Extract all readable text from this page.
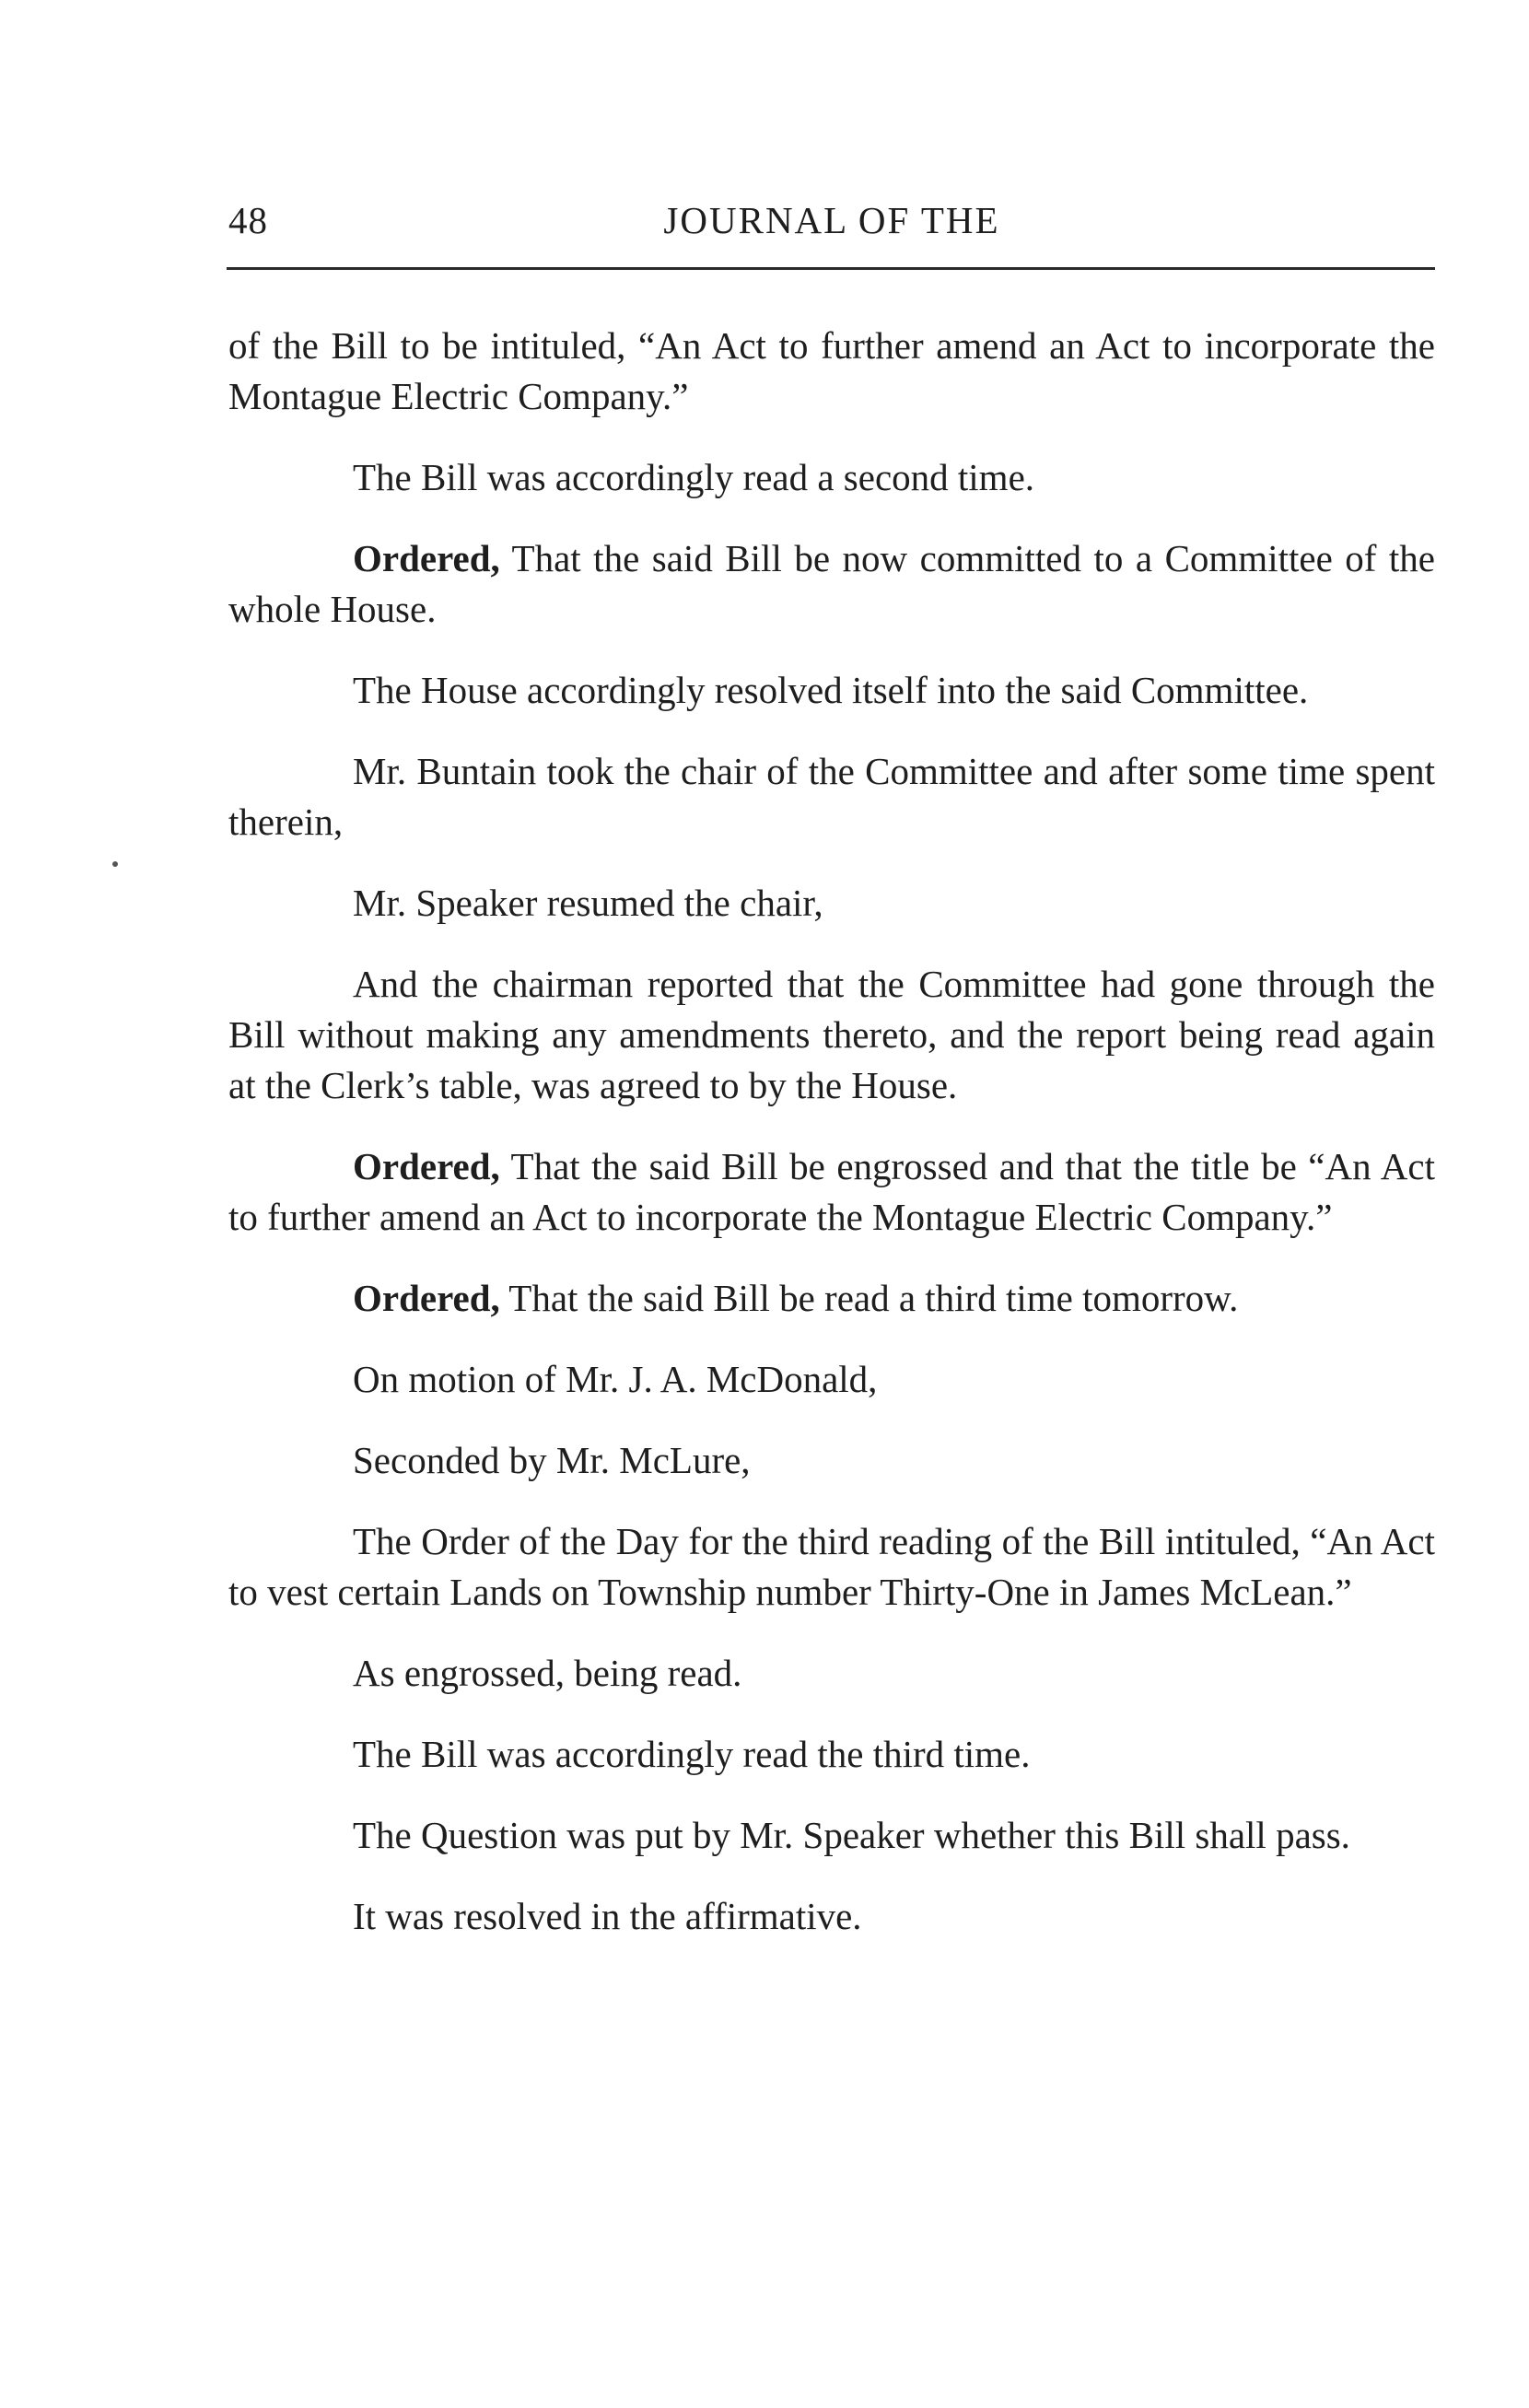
48	JOURNAL OF THE

of the Bill to be intituled, “An Act to further amend an Act to incorporate the Montague Electric Company.”

The Bill was accordingly read a second time.

Ordered, That the said Bill be now committed to a Committee of the whole House.

The House accordingly resolved itself into the said Committee.

Mr. Buntain took the chair of the Committee and after some time spent therein,

Mr. Speaker resumed the chair,

And the chairman reported that the Committee had gone through the Bill without making any amendments thereto, and the report being read again at the Clerk’s table, was agreed to by the House.

Ordered, That the said Bill be engrossed and that the title be “An Act to further amend an Act to incorporate the Montague Electric Company.”

Ordered, That the said Bill be read a third time tomorrow.

On motion of Mr. J. A. McDonald,

Seconded by Mr. McLure,

The Order of the Day for the third reading of the Bill intituled, “An Act to vest certain Lands on Township number Thirty-One in James McLean.”

As engrossed, being read.

The Bill was accordingly read the third time.

The Question was put by Mr. Speaker whether this Bill shall pass.

It was resolved in the affirmative.
